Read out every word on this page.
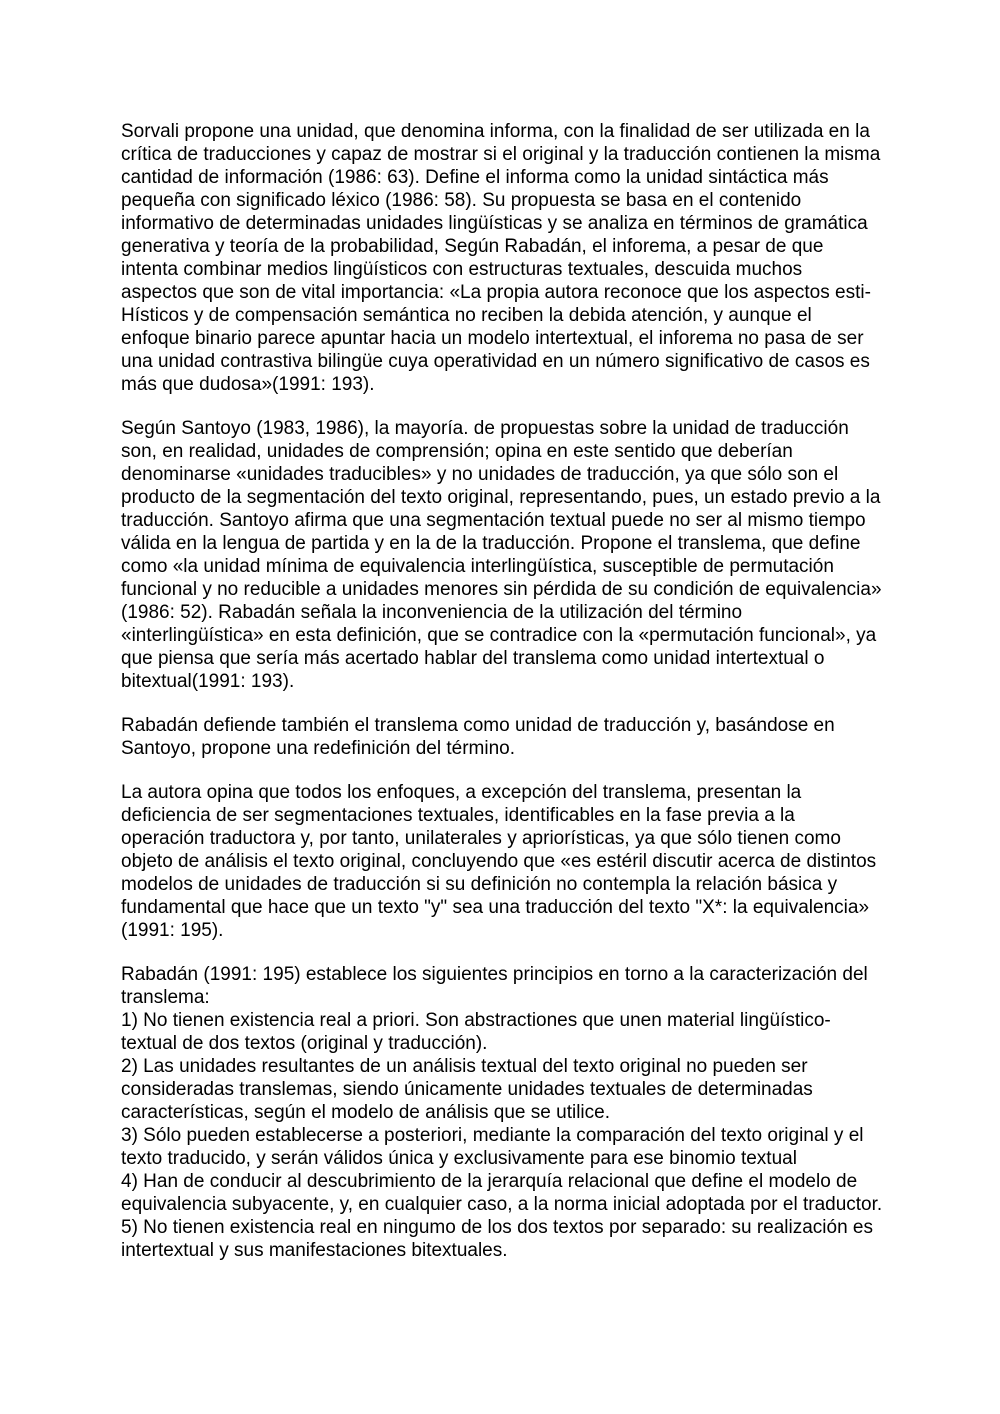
Sorvali propone una unidad, que denomina informa, con la finalidad de ser utilizada en la crítica de traducciones y capaz de mostrar si el original y la traducción contienen la misma cantidad de información (1986: 63). Define el informa como la unidad sintáctica más pequeña con significado léxico (1986: 58). Su propuesta se basa en el contenido informativo de determinadas unidades lingüísticas y se analiza en términos de gramática generativa y teoría de la probabilidad, Según Rabadán, el inforema, a pesar de que intenta combinar medios lingüísticos con estructuras textuales, descuida muchos aspectos que son de vital importancia: «La propia autora reconoce que los aspectos esti-Hísticos y de compensación semántica no reciben la debida atención, y aunque el enfoque binario parece apuntar hacia un modelo intertextual, el inforema no pasa de ser una unidad contrastiva bilingüe cuya operatividad en un número significativo de casos es más que dudosa»(1991: 193).

Según Santoyo (1983, 1986), la mayoría. de propuestas sobre la unidad de traducción son, en realidad, unidades de comprensión; opina en este sentido que deberían denominarse «unidades traducibles» y no unidades de traducción, ya que sólo son el producto de la segmentación del texto original, representando, pues, un estado previo a la traducción. Santoyo afirma que una segmentación textual puede no ser al mismo tiempo válida en la lengua de partida y en la de la traducción. Propone el translema, que define como «la unidad mínima de equivalencia interlingüística, susceptible de permutación funcional y no reducible a unidades menores sin pérdida de su condición de equivalencia» (1986: 52). Rabadán señala la inconveniencia de la utilización del término «interlingüística» en esta definición, que se contradice con la «permutación funcional», ya que piensa que sería más acertado hablar del translema como unidad intertextual o bitextual(1991: 193).

Rabadán defiende también el translema como unidad de traducción y, basándose en Santoyo, propone una redefinición del término.

La autora opina que todos los enfoques, a excepción del translema, presentan la deficiencia de ser segmentaciones textuales, identificables en la fase previa a la operación traductora y, por tanto, unilaterales y apriorísticas, ya que sólo tienen como objeto de análisis el texto original, concluyendo que «es estéril discutir acerca de distintos modelos de unidades de traducción si su definición no contempla la relación básica y fundamental que hace que un texto "y" sea una traducción del texto "X*: la equivalencia» (1991: 195).

Rabadán (1991: 195) establece los siguientes principios en torno a la caracterización del translema:

1) No tienen existencia real a priori. Son abstractiones que unen material lingüístico-textual de dos textos (original y traducción).

2) Las unidades resultantes de un análisis textual del texto original no pueden ser consideradas translemas, siendo únicamente unidades textuales de determinadas características, según el modelo de análisis que se utilice.

3) Sólo pueden establecerse a posteriori, mediante la comparación del texto original y el texto traducido, y serán válidos única y exclusivamente para ese binomio textual

4) Han de conducir al descubrimiento de la jerarquía relacional que define el modelo de equivalencia subyacente, y, en cualquier caso, a la norma inicial adoptada por el traductor.

5) No tienen existencia real en ningumo de los dos textos por separado: su realización es intertextual y sus manifestaciones bitextuales.
